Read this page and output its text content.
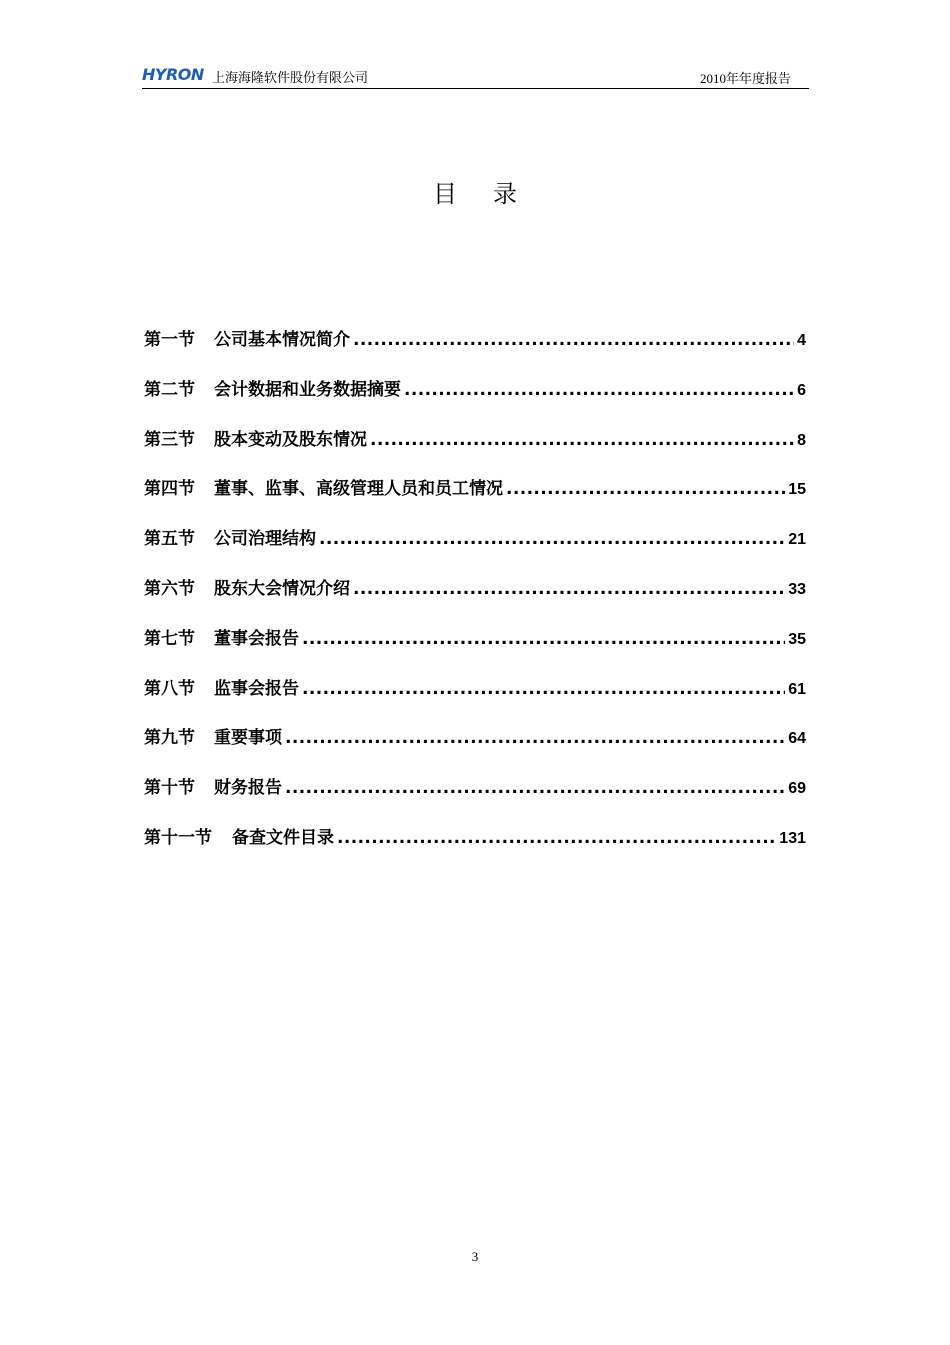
HYRON 上海海隆软件股份有限公司	2010年年度报告
目录
第一节 公司基本情况简介 .....	4
第二节 会计数据和业务数据摘要 .....	6
第三节 股本变动及股东情况 .....	8
第四节 董事、监事、高级管理人员和员工情况 .....	15
第五节 公司治理结构 .....	21
第六节 股东大会情况介绍 .....	33
第七节 董事会报告 .....	35
第八节 监事会报告 .....	61
第九节 重要事项 .....	64
第十节 财务报告 .....	69
第十一节 备查文件目录 .....	131
3
